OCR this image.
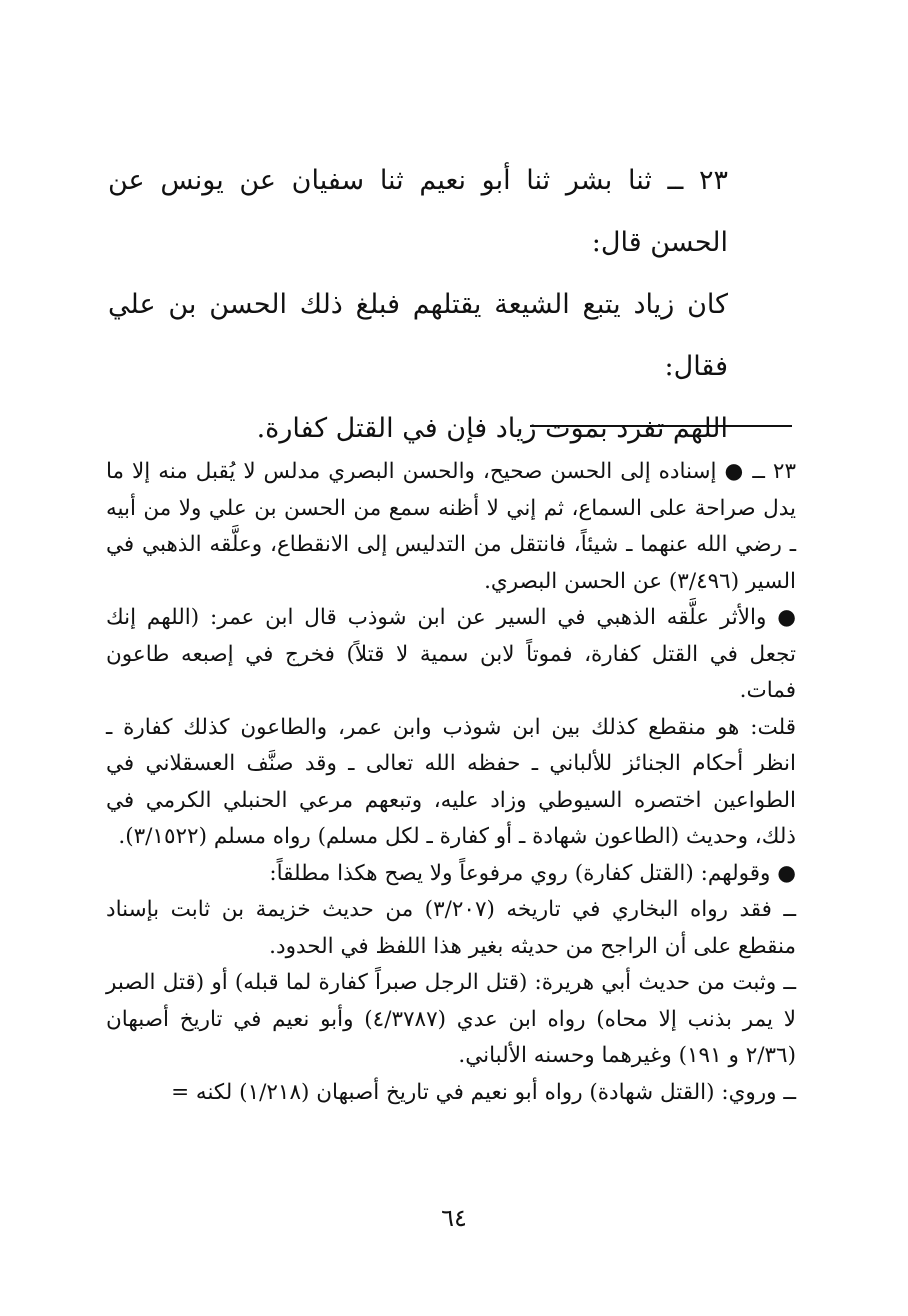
٢٣ ــ ثنا بشر ثنا أبو نعيم ثنا سفيان عن يونس عن الحسن قال:

كان زياد يتبع الشيعة يقتلهم فبلغ ذلك الحسن بن علي فقال:

اللهم تفرد بموت زياد فإن في القتل كفارة.

٢٣ ــ ● إسناده إلى الحسن صحيح، والحسن البصري مدلس لا يُقبل منه إلا ما يدل صراحة على السماع، ثم إني لا أظنه سمع من الحسن بن علي ولا من أبيه ـ رضي الله عنهما ـ شيئاً، فانتقل من التدليس إلى الانقطاع، وعلَّقه الذهبي في السير (٣/٤٩٦) عن الحسن البصري.

● والأثر علَّقه الذهبي في السير عن ابن شوذب قال ابن عمر: (اللهم إنك تجعل في القتل كفارة، فموتاً لابن سمية لا قتلاً) فخرج في إصبعه طاعون فمات.

قلت: هو منقطع كذلك بين ابن شوذب وابن عمر، والطاعون كذلك كفارة ـ انظر أحكام الجنائز للألباني ـ حفظه الله تعالى ـ وقد صنَّف العسقلاني في الطواعين اختصره السيوطي وزاد عليه، وتبعهم مرعي الحنبلي الكرمي في ذلك، وحديث (الطاعون شهادة ـ أو كفارة ـ لكل مسلم) رواه مسلم (٣/١٥٢٢).

● وقولهم: (القتل كفارة) روي مرفوعاً ولا يصح هكذا مطلقاً:

ــ فقد رواه البخاري في تاريخه (٣/٢٠٧) من حديث خزيمة بن ثابت بإسناد منقطع على أن الراجح من حديثه بغير هذا اللفظ في الحدود.

ــ وثبت من حديث أبي هريرة: (قتل الرجل صبراً كفارة لما قبله) أو (قتل الصبر لا يمر بذنب إلا محاه) رواه ابن عدي (٤/٣٧٨٧) وأبو نعيم في تاريخ أصبهان (٢/٣٦ و ١٩١) وغيرهما وحسنه الألباني.

ــ وروي: (القتل شهادة) رواه أبو نعيم في تاريخ أصبهان (١/٢١٨) لكنه =

٦٤
